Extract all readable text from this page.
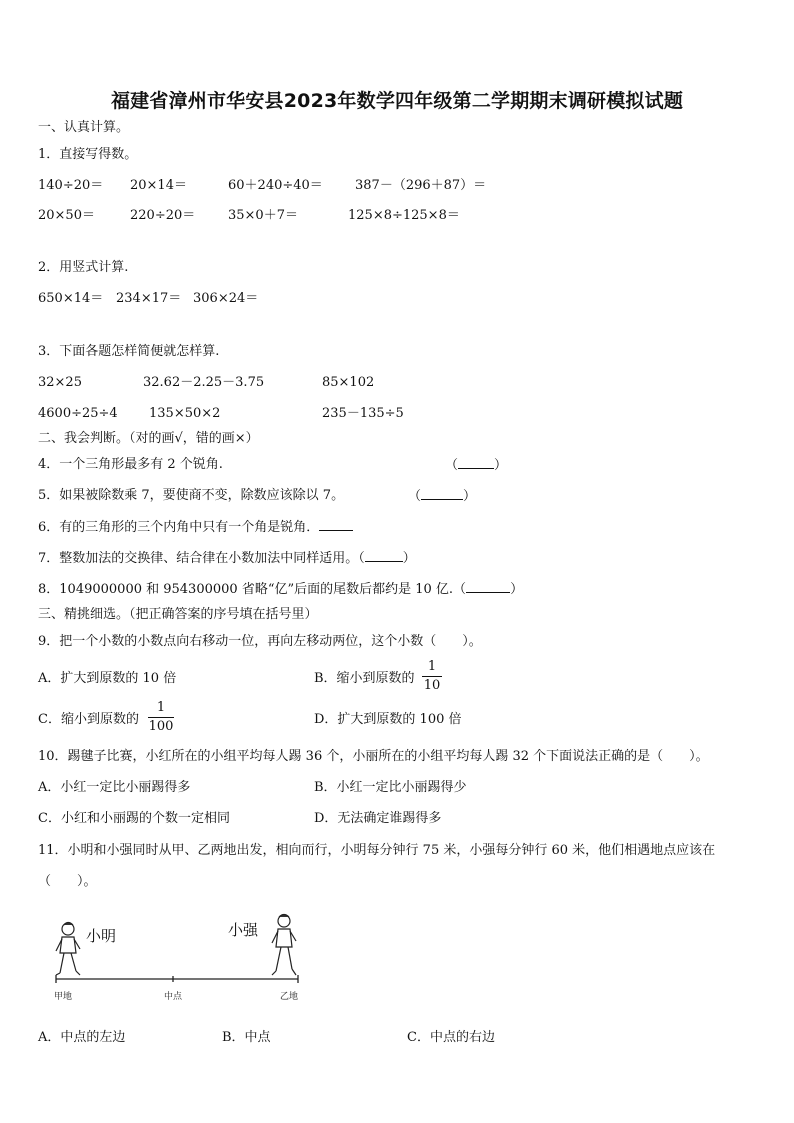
福建省漳州市华安县2023年数学四年级第二学期期末调研模拟试题
一、认真计算。
1．直接写得数。
140÷20＝ 20×14＝	60＋240÷40＝ 387－（296＋87）＝
20×50＝	220÷20＝	35×0＋7＝	125×8÷125×8＝
2．用竖式计算.
650×14＝ 234×17＝ 306×24＝
3．下面各题怎样简便就怎样算.
32×25	32.62－2.25－3.75	85×102
4600÷25÷4 135×50×2	235－135÷5
二、我会判断。（对的画√，错的画×）
4．一个三角形最多有 2 个锐角.	（	）
5．如果被除数乘 7，要使商不变，除数应该除以 7。	（	）
6．有的三角形的三个内角中只有一个角是锐角．
7．整数加法的交换律、结合律在小数加法中同样适用。（	）
8．1049000000 和 954300000 省略“亿”后面的尾数后都约是 10 亿.（	）
三、精挑细选。（把正确答案的序号填在括号里）
9．把一个小数的小数点向右移动一位，再向左移动两位，这个小数（　　）。
A．扩大到原数的 10 倍	B．缩小到原数的
1
10
C．缩小到原数的
1
100	D．扩大到原数的 100 倍
10．踢毽子比赛，小红所在的小组平均每人踢 36 个，小丽所在的小组平均每人踢 32 个下面说法正确的是（　　）。
A．小红一定比小丽踢得多	B．小红一定比小丽踢得少
C．小红和小丽踢的个数一定相同	D．无法确定谁踢得多
11．小明和小强同时从甲、乙两地出发，相向而行，小明每分钟行 75 米，小强每分钟行 60 米，他们相遇地点应该在
（　　）。
小明	小强
甲地	中点	乙地
A．中点的左边	B．中点	C．中点的右边
